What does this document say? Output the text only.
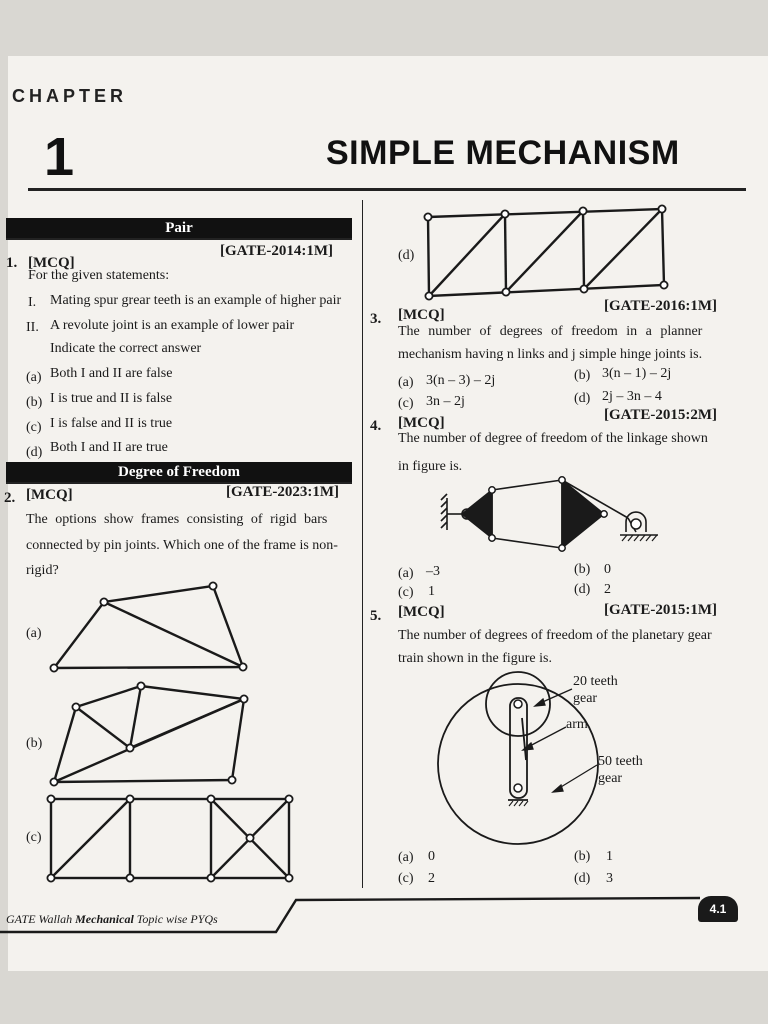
CHAPTER
1	SIMPLE MECHANISM
Pair
1. [MCQ]
[GATE-2014:1M]
For the given statements:
I. Mating spur grear teeth is an example of higher pair
II. A revolute joint is an example of lower pair
Indicate the correct answer
(a) Both I and II are false
(b) I is true and II is false
(c) I is false and II is true
(d) Both I and II are true
Degree of Freedom
2. [MCQ]	[GATE-2023:1M]
The options show frames consisting of rigid bars
connected by pin joints. Which one of the frame is non-
rigid?
(a)
(b)
(c)
(d)
3. [MCQ]
[GATE-2016:1M]
The number of degrees of freedom in a planner
mechanism having n links and j simple hinge joints is.
(a) 3(n – 3) – 2j	(b) 3(n – 1) – 2j
(c) 3n – 2j	(d) 2j – 3n – 4
4. [MCQ]	[GATE-2015:2M]
The number of degree of freedom of the linkage shown
in figure is.
(a) –3	(b) 0
(c) 1	(d) 2
5. [MCQ]	[GATE-2015:1M]
The number of degrees of freedom of the planetary gear
train shown in the figure is.
20 teeth
gear
arm
50 teeth
gear
(a) 0	(b) 1
(c) 2	(d) 3
GATE Wallah Mechanical Topic wise PYQs
4.1
